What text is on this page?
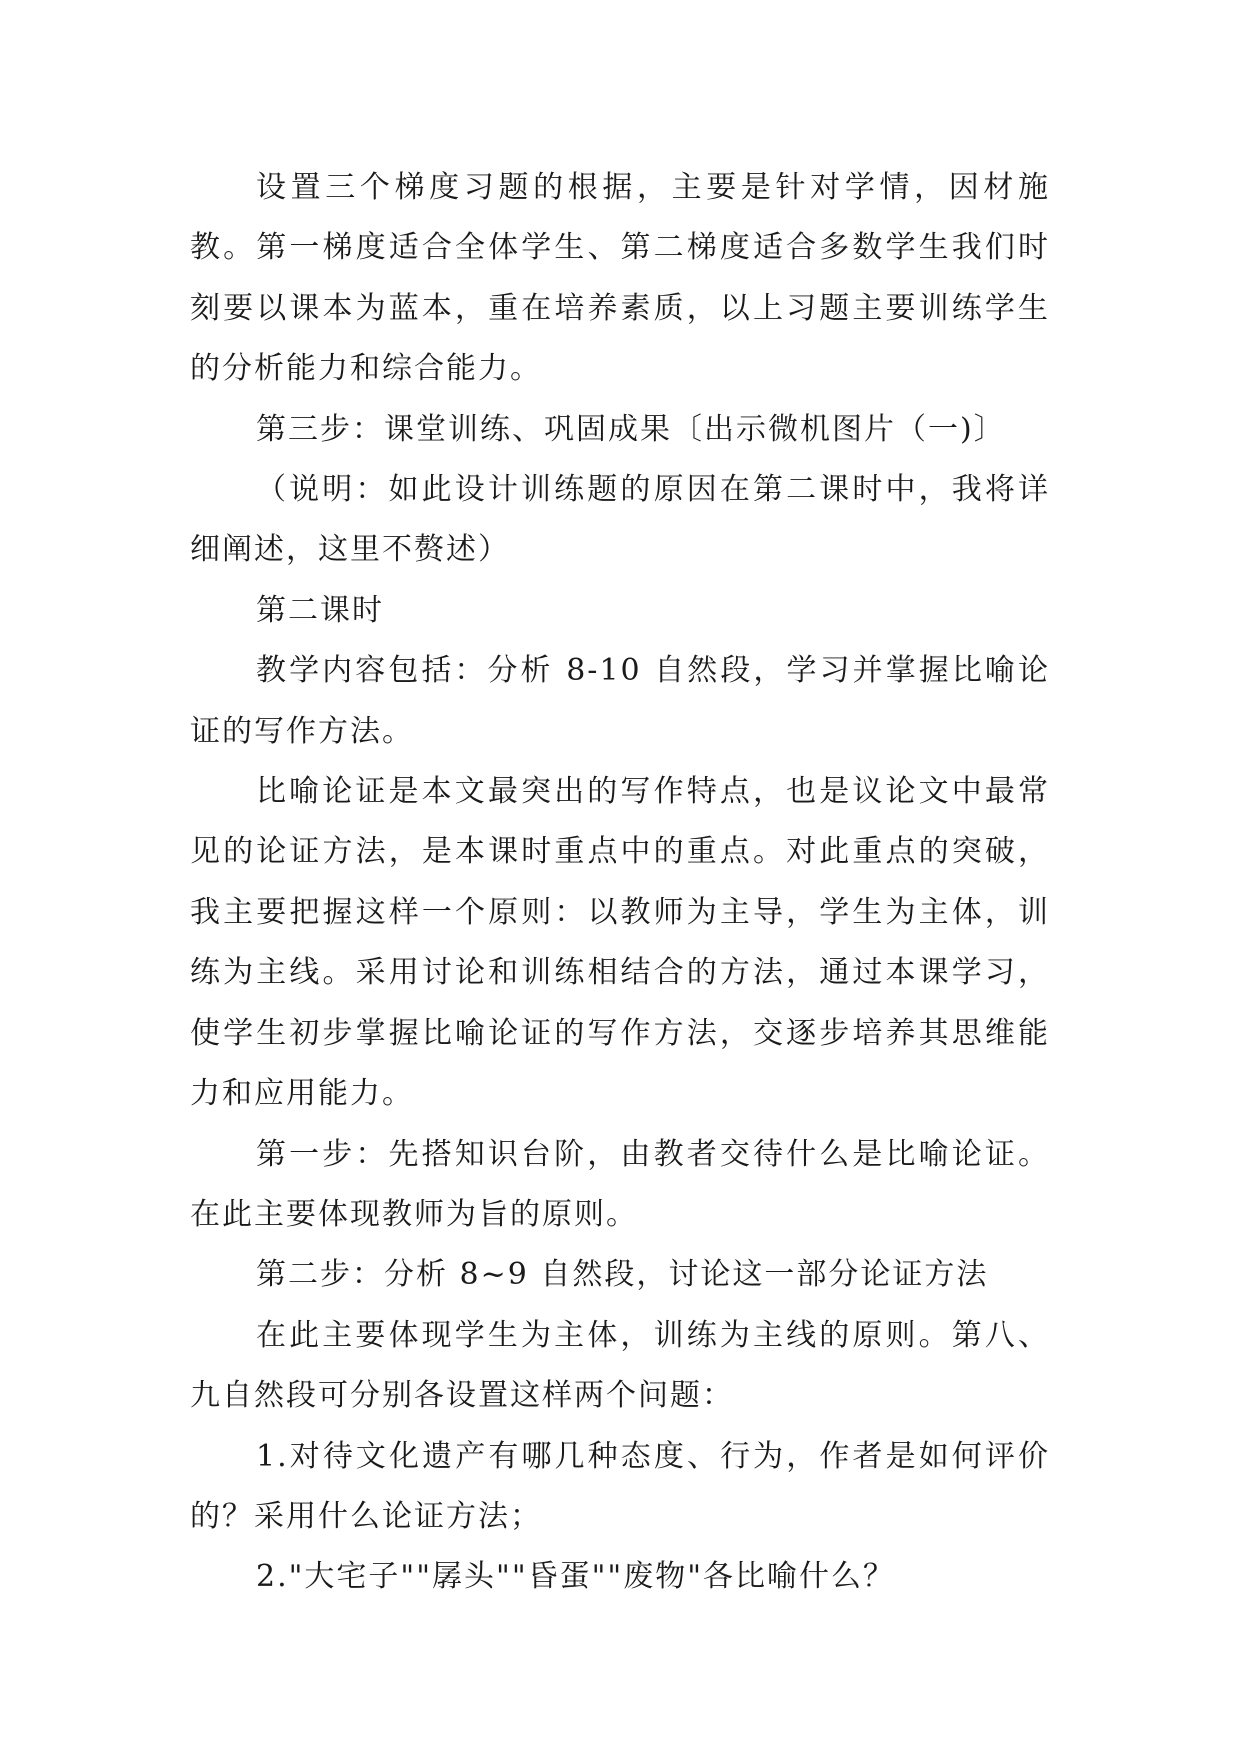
设置三个梯度习题的根据，主要是针对学情，因材施教。第一梯度适合全体学生、第二梯度适合多数学生我们时刻要以课本为蓝本，重在培养素质，以上习题主要训练学生的分析能力和综合能力。

第三步：课堂训练、巩固成果〔出示微机图片（一)〕

（说明：如此设计训练题的原因在第二课时中，我将详细阐述，这里不赘述）

第二课时

教学内容包括：分析 8-10 自然段，学习并掌握比喻论证的写作方法。

比喻论证是本文最突出的写作特点，也是议论文中最常见的论证方法，是本课时重点中的重点。对此重点的突破，我主要把握这样一个原则：以教师为主导，学生为主体，训练为主线。采用讨论和训练相结合的方法，通过本课学习，使学生初步掌握比喻论证的写作方法，交逐步培养其思维能力和应用能力。

第一步：先搭知识台阶，由教者交待什么是比喻论证。在此主要体现教师为旨的原则。

第二步：分析 8~9 自然段，讨论这一部分论证方法

在此主要体现学生为主体，训练为主线的原则。第八、九自然段可分别各设置这样两个问题：

1.对待文化遗产有哪几种态度、行为，作者是如何评价的？采用什么论证方法；

2."大宅子""孱头""昏蛋""废物"各比喻什么？
